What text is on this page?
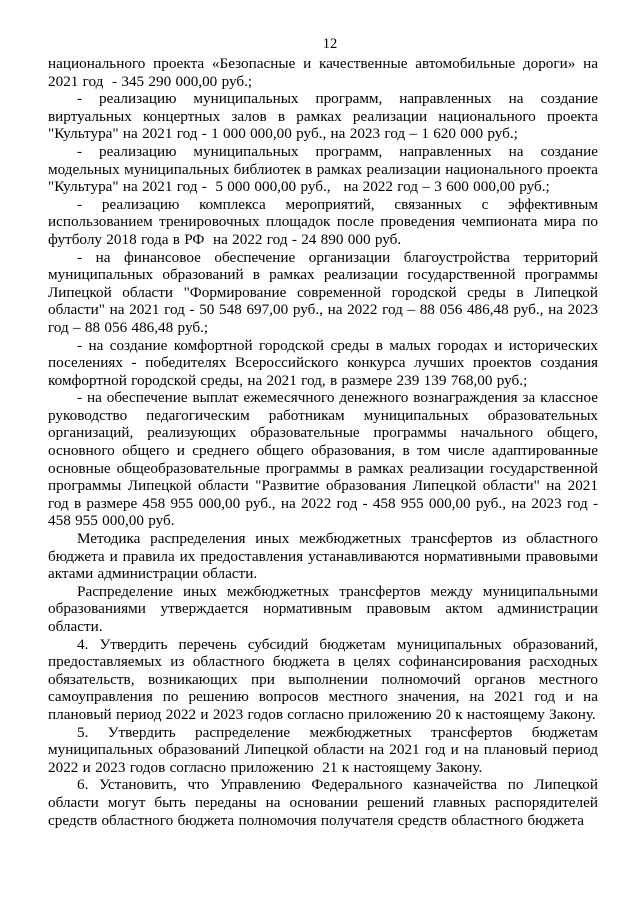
12

национального проекта «Безопасные и качественные автомобильные дороги» на 2021 год  - 345 290 000,00 руб.;

- реализацию муниципальных программ, направленных на создание виртуальных концертных залов в рамках реализации национального проекта "Культура" на 2021 год - 1 000 000,00 руб., на 2023 год – 1 620 000 руб.;

- реализацию муниципальных программ, направленных на создание модельных муниципальных библиотек в рамках реализации национального проекта "Культура" на 2021 год -  5 000 000,00 руб.,   на 2022 год – 3 600 000,00 руб.;

- реализацию комплекса мероприятий, связанных с эффективным использованием тренировочных площадок после проведения чемпионата мира по футболу 2018 года в РФ  на 2022 год - 24 890 000 руб.

- на финансовое обеспечение организации благоустройства территорий муниципальных образований в рамках реализации государственной программы Липецкой области "Формирование современной городской среды в Липецкой области" на 2021 год - 50 548 697,00 руб., на 2022 год – 88 056 486,48 руб., на 2023 год – 88 056 486,48 руб.;

- на создание комфортной городской среды в малых городах и исторических поселениях - победителях Всероссийского конкурса лучших проектов создания комфортной городской среды, на 2021 год, в размере 239 139 768,00 руб.;

- на обеспечение выплат ежемесячного денежного вознаграждения за классное руководство педагогическим работникам муниципальных образовательных организаций, реализующих образовательные программы начального общего, основного общего и среднего общего образования, в том числе адаптированные основные общеобразовательные программы в рамках реализации государственной программы Липецкой области "Развитие образования Липецкой области" на 2021 год в размере 458 955 000,00 руб., на 2022 год - 458 955 000,00 руб., на 2023 год - 458 955 000,00 руб.

Методика распределения иных межбюджетных трансфертов из областного бюджета и правила их предоставления устанавливаются нормативными правовыми актами администрации области.

Распределение иных межбюджетных трансфертов между муниципальными образованиями утверждается нормативным правовым актом администрации области.

4. Утвердить перечень субсидий бюджетам муниципальных образований, предоставляемых из областного бюджета в целях софинансирования расходных обязательств, возникающих при выполнении полномочий органов местного самоуправления по решению вопросов местного значения, на 2021 год и на плановый период 2022 и 2023 годов согласно приложению 20 к настоящему Закону.

5. Утвердить распределение межбюджетных трансфертов бюджетам муниципальных образований Липецкой области на 2021 год и на плановый период 2022 и 2023 годов согласно приложению  21 к настоящему Закону.

6. Установить, что Управлению Федерального казначейства по Липецкой области могут быть переданы на основании решений главных распорядителей средств областного бюджета полномочия получателя средств областного бюджета
